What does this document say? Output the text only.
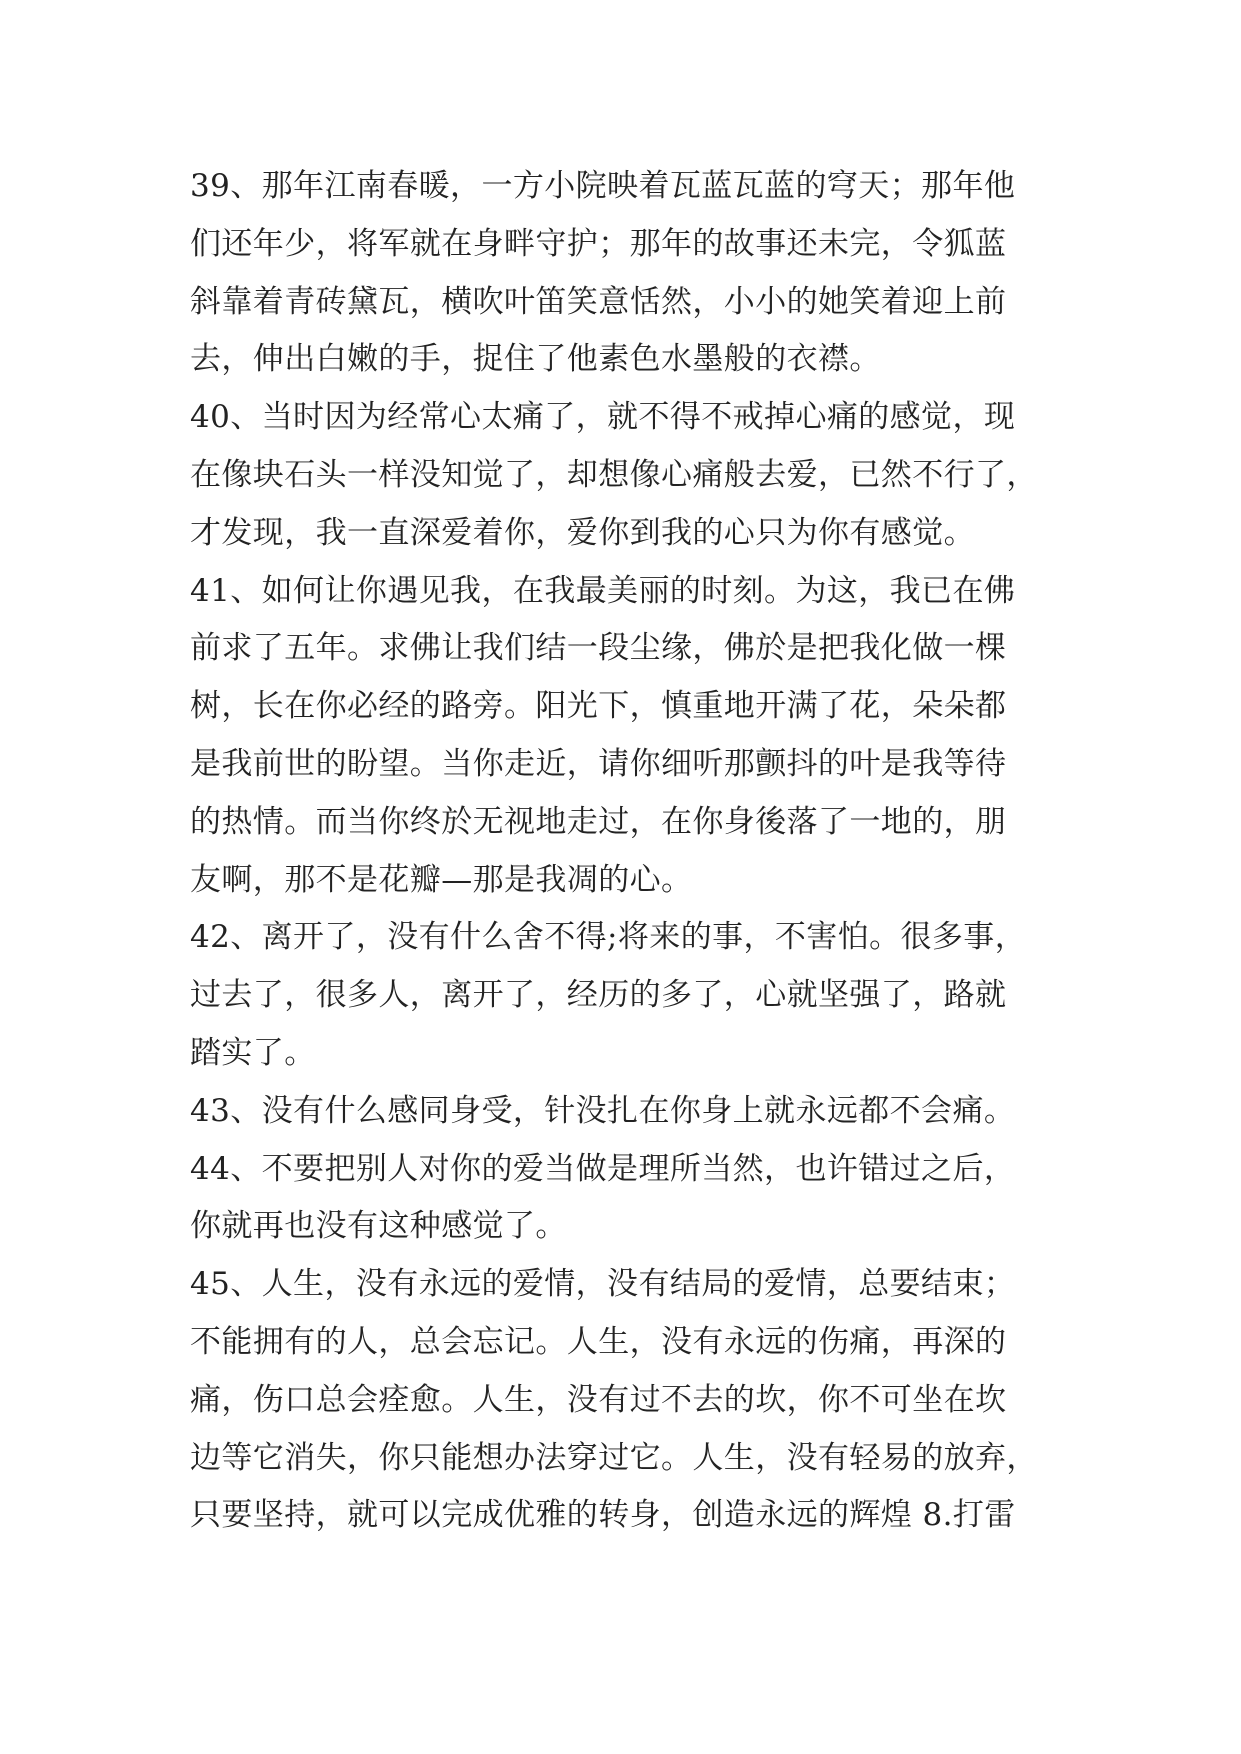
39、那年江南春暖，一方小院映着瓦蓝瓦蓝的穹天；那年他
们还年少，将军就在身畔守护；那年的故事还未完，令狐蓝
斜靠着青砖黛瓦，横吹叶笛笑意恬然，小小的她笑着迎上前
去，伸出白嫩的手，捉住了他素色水墨般的衣襟。
40、当时因为经常心太痛了，就不得不戒掉心痛的感觉，现
在像块石头一样没知觉了，却想像心痛般去爱，已然不行了，
才发现，我一直深爱着你，爱你到我的心只为你有感觉。
41、如何让你遇见我，在我最美丽的时刻。为这，我已在佛
前求了五年。求佛让我们结一段尘缘，佛於是把我化做一棵
树，长在你必经的路旁。阳光下，慎重地开满了花，朵朵都
是我前世的盼望。当你走近，请你细听那颤抖的叶是我等待
的热情。而当你终於无视地走过，在你身後落了一地的，朋
友啊，那不是花瓣—那是我凋的心。
42、离开了，没有什么舍不得;将来的事，不害怕。很多事，
过去了，很多人，离开了，经历的多了，心就坚强了，路就
踏实了。
43、没有什么感同身受，针没扎在你身上就永远都不会痛。
44、不要把别人对你的爱当做是理所当然，也许错过之后，
你就再也没有这种感觉了。
45、人生，没有永远的爱情，没有结局的爱情，总要结束；
不能拥有的人，总会忘记。人生，没有永远的伤痛，再深的
痛，伤口总会痊愈。人生，没有过不去的坎，你不可坐在坎
边等它消失，你只能想办法穿过它。人生，没有轻易的放弃，
只要坚持，就可以完成优雅的转身，创造永远的辉煌 8.打雷
